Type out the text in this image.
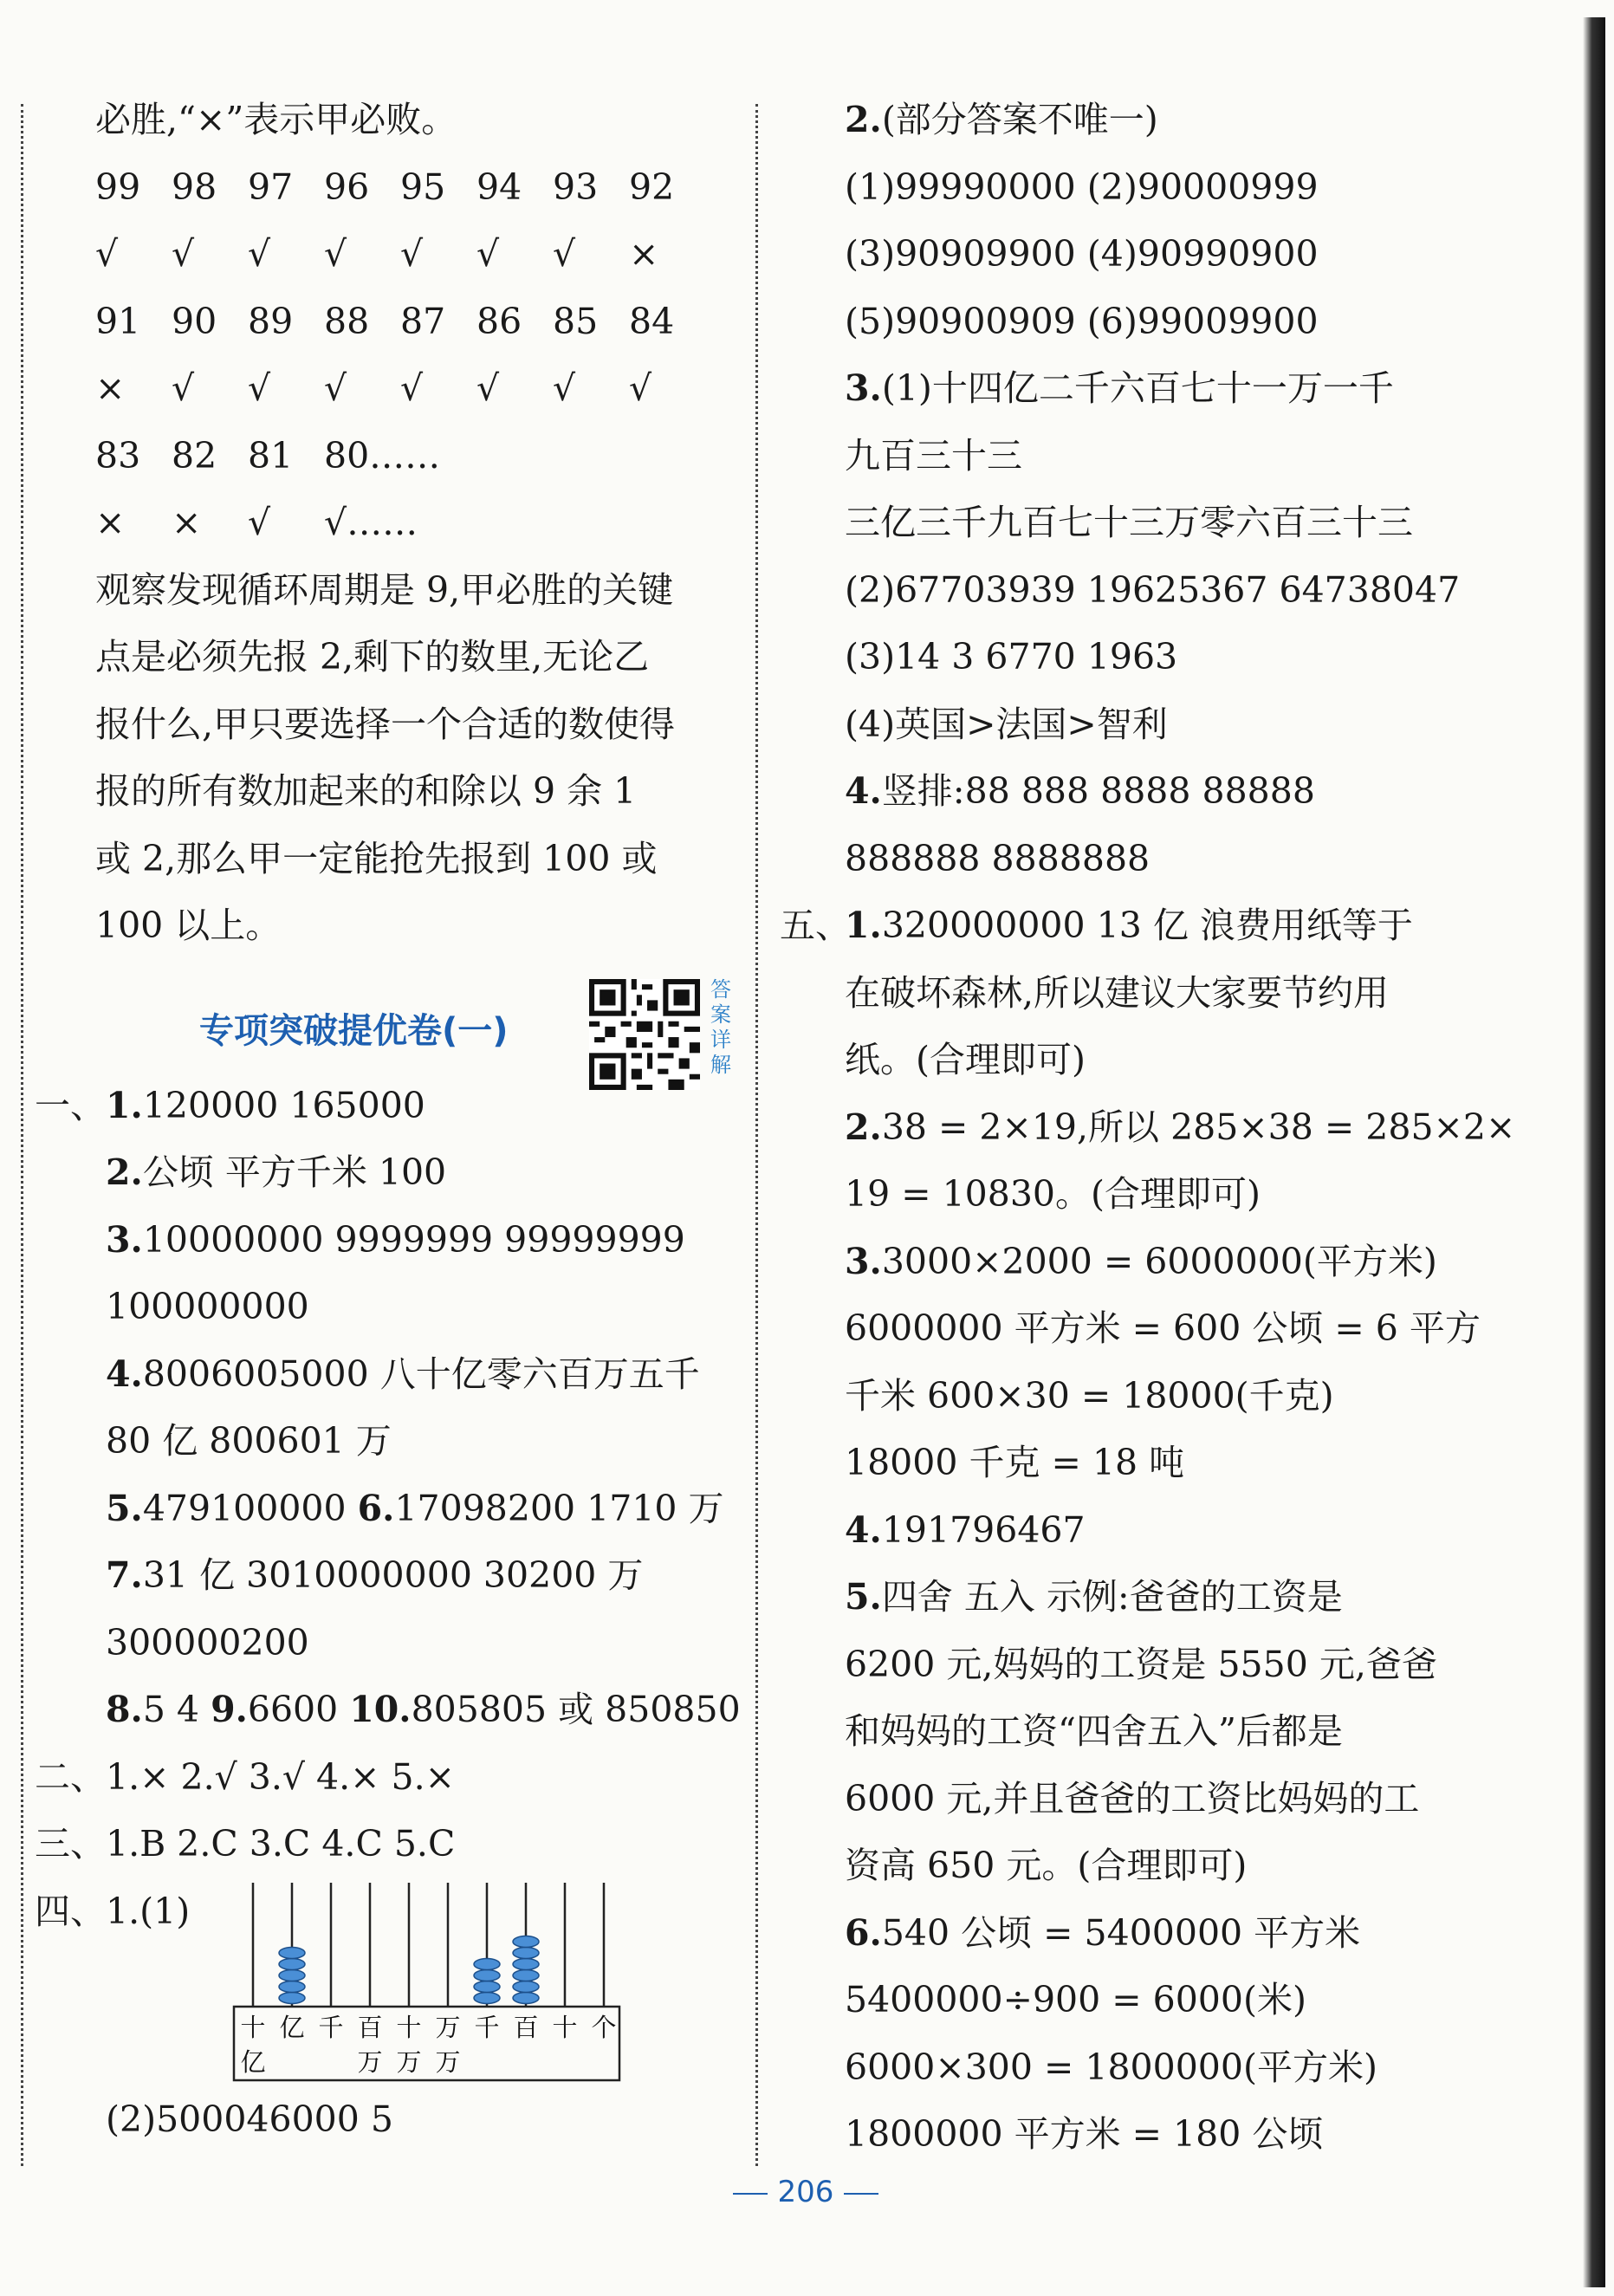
必胜,“×”表示甲必败。
99 98 97 96 95 94 93 92
√ √ √ √ √ √ √ ×
91 90 89 88 87 86 85 84
× √ √ √ √ √ √ √
83 82 81 80……
× × √ √……
观察发现循环周期是 9,甲必胜的关键
点是必须先报 2,剩下的数里,无论乙
报什么,甲只要选择一个合适的数使得
报的所有数加起来的和除以 9 余 1
或 2,那么甲一定能抢先报到 100 或
100 以上。
专项突破提优卷(一)
答案详解
一、 1.120000 165000
2.公顷 平方千米 100
3.10000000 9999999 99999999
100000000
4.8006005000 八十亿零六百万五千
80 亿 800601 万
5.479100000 6.17098200 1710 万
7.31 亿 3010000000 30200 万
300000200
8.5 4 9.6600 10.805805 或 850850
二、 1.× 2.√ 3.√ 4.× 5.×
三、 1.B 2.C 3.C 4.C 5.C
四、 1.(1)
十 亿 千 百 十 万 千 百 十 个
亿	万 万 万
(2)500046000 5
2.(部分答案不唯一)
(1)99990000 (2)90000999
(3)90909900 (4)90990900
(5)90900909 (6)99009900
3.(1)十四亿二千六百七十一万一千
九百三十三
三亿三千九百七十三万零六百三十三
(2)67703939 19625367 64738047
(3)14 3 6770 1963
(4)英国>法国>智利
4.竖排:88 888 8888 88888
888888 8888888
五、
1.320000000 13 亿 浪费用纸等于
在破坏森林,所以建议大家要节约用
纸。(合理即可)
2.38 = 2×19,所以 285×38 = 285×2×
19 = 10830。(合理即可)
3.3000×2000 = 6000000(平方米)
6000000 平方米 = 600 公顷 = 6 平方
千米 600×30 = 18000(千克)
18000 千克 = 18 吨
4.191796467
5.四舍 五入 示例:爸爸的工资是
6200 元,妈妈的工资是 5550 元,爸爸
和妈妈的工资“四舍五入”后都是
6000 元,并且爸爸的工资比妈妈的工
资高 650 元。(合理即可)
6.540 公顷 = 5400000 平方米
5400000÷900 = 6000(米)
6000×300 = 1800000(平方米)
1800000 平方米 = 180 公顷
206
